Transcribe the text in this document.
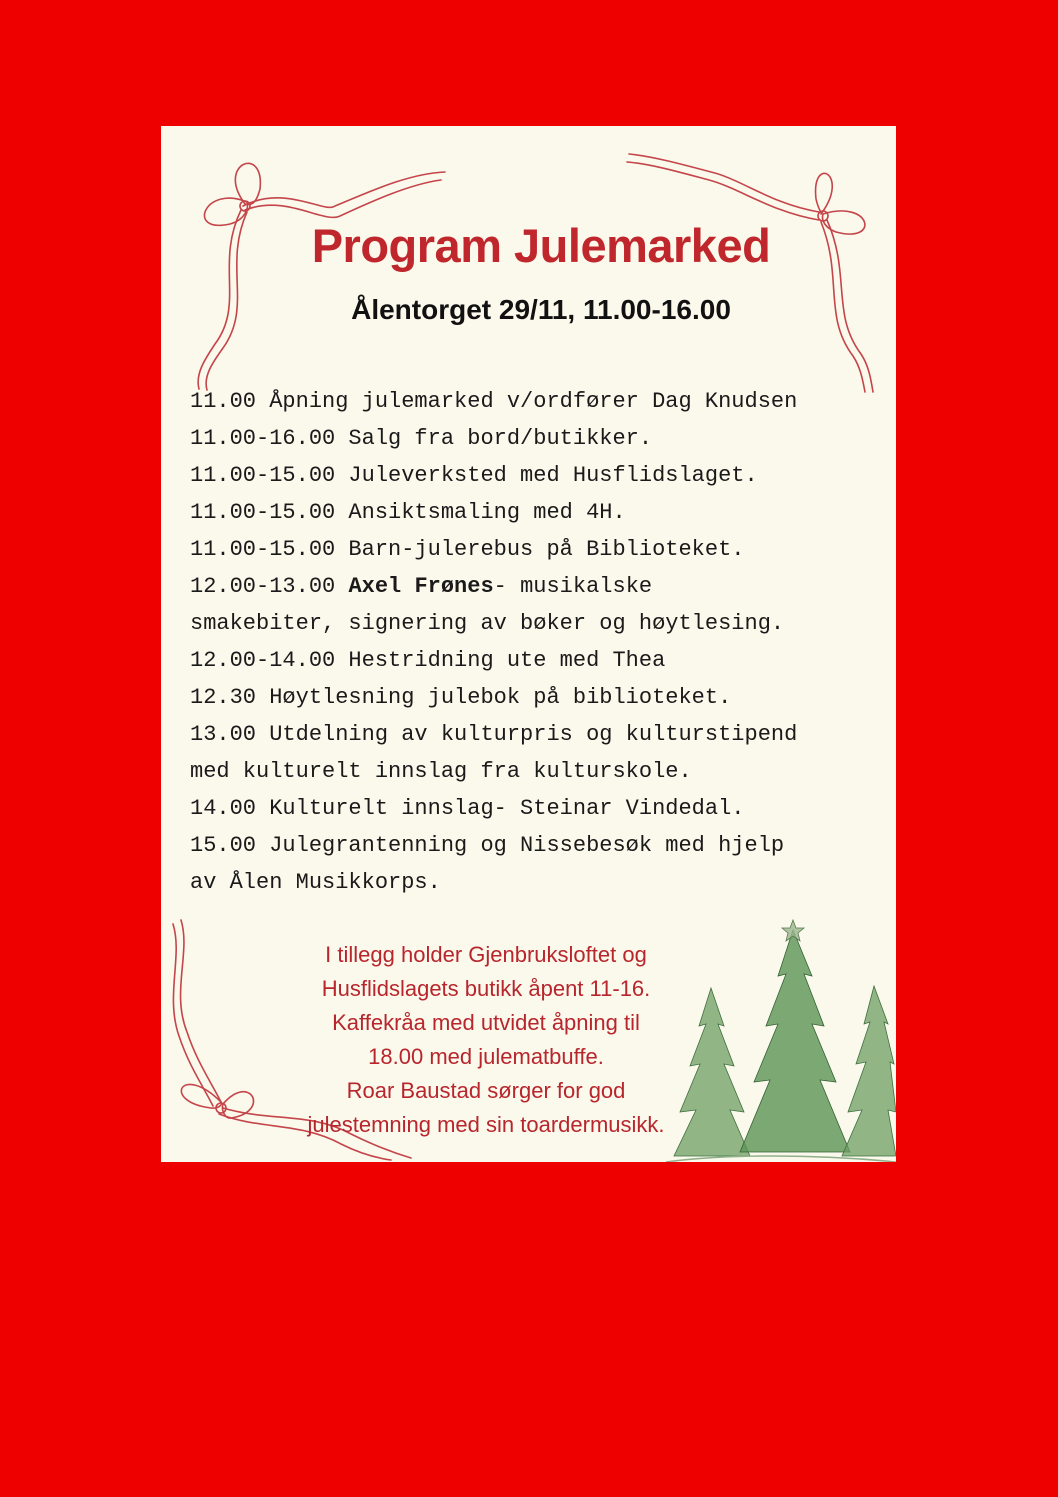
Program Julemarked
Ålentorget 29/11, 11.00-16.00
11.00 Åpning julemarked v/ordfører Dag Knudsen
11.00-16.00 Salg fra bord/butikker.
11.00-15.00 Juleverksted med Husflidslaget.
11.00-15.00 Ansiktsmaling med 4H.
11.00-15.00 Barn-julerebus på Biblioteket.
12.00-13.00 Axel Frønes- musikalske
smakebiter, signering av bøker og høytlesing.
12.00-14.00 Hestridning ute med Thea
12.30 Høytlesning julebok på biblioteket.
13.00 Utdelning av kulturpris og kulturstipend
med kulturelt innslag fra kulturskole.
14.00 Kulturelt innslag- Steinar Vindedal.
15.00 Julegrantenning og Nissebesøk med hjelp
av Ålen Musikkorps.
I tillegg holder Gjenbruksloftet og
Husflidslagets butikk åpent 11-16.
Kaffekråa med utvidet åpning til
18.00 med julematbuffe.
Roar Baustad sørger for god
julestemning med sin toardermusikk.
